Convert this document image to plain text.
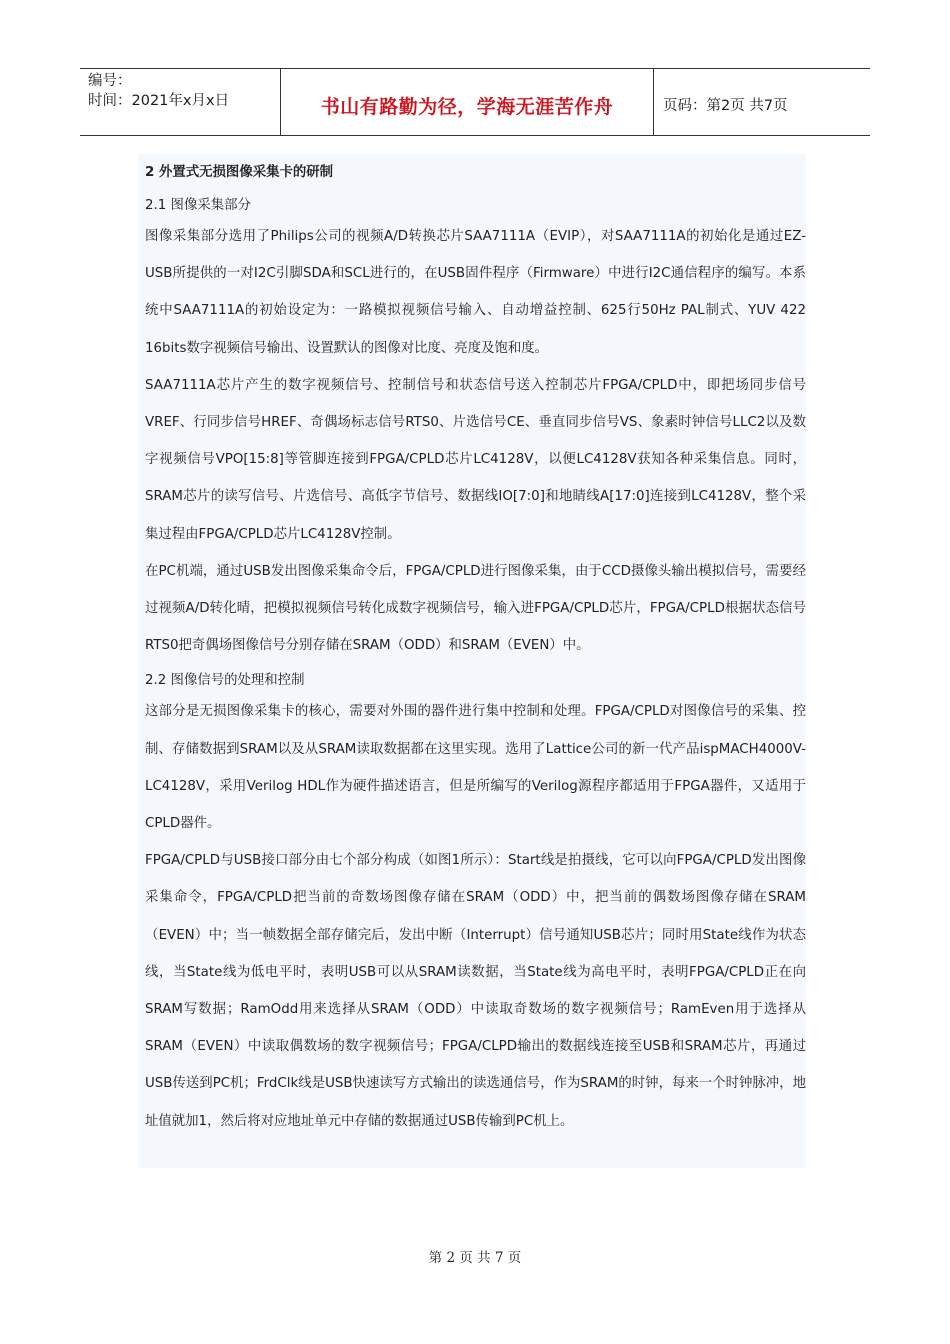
编号：
时间：2021年x月x日	书山有路勤为径，学海无涯苦作舟	页码：第2页 共7页

2 外置式无损图像采集卡的研制

2.1 图像采集部分

图像采集部分选用了Philips公司的视频A/D转换芯片SAA7111A（EVIP），对SAA7111A的初始化是通过EZ-USB所提供的一对I2C引脚SDA和SCL进行的，在USB固件程序（Firmware）中进行I2C通信程序的编写。本系统中SAA7111A的初始设定为：一路模拟视频信号输入、自动增益控制、625行50Hz PAL制式、YUV 422 16bits数字视频信号输出、设置默认的图像对比度、亮度及饱和度。

SAA7111A芯片产生的数字视频信号、控制信号和状态信号送入控制芯片FPGA/CPLD中，即把场同步信号VREF、行同步信号HREF、奇偶场标志信号RTS0、片选信号CE、垂直同步信号VS、象素时钟信号LLC2以及数字视频信号VPO[15:8]等管脚连接到FPGA/CPLD芯片LC4128V，以便LC4128V获知各种采集信息。同时，SRAM芯片的读写信号、片选信号、高低字节信号、数据线IO[7:0]和地睛线A[17:0]连接到LC4128V，整个采集过程由FPGA/CPLD芯片LC4128V控制。

在PC机端，通过USB发出图像采集命令后，FPGA/CPLD进行图像采集，由于CCD摄像头输出模拟信号，需要经过视频A/D转化晴，把模拟视频信号转化成数字视频信号，输入进FPGA/CPLD芯片，FPGA/CPLD根据状态信号RTS0把奇偶场图像信号分别存储在SRAM（ODD）和SRAM（EVEN）中。

2.2 图像信号的处理和控制

这部分是无损图像采集卡的核心，需要对外围的器件进行集中控制和处理。FPGA/CPLD对图像信号的采集、控制、存储数据到SRAM以及从SRAM读取数据都在这里实现。选用了Lattice公司的新一代产品ispMACH4000V-LC4128V，采用Verilog HDL作为硬件描述语言，但是所编写的Verilog源程序都适用于FPGA器件，又适用于CPLD器件。

FPGA/CPLD与USB接口部分由七个部分构成（如图1所示）：Start线是拍摄线，它可以向FPGA/CPLD发出图像采集命令，FPGA/CPLD把当前的奇数场图像存储在SRAM（ODD）中，把当前的偶数场图像存储在SRAM（EVEN）中；当一帧数据全部存储完后，发出中断（Interrupt）信号通知USB芯片；同时用State线作为状态线，当State线为低电平时，表明USB可以从SRAM读数据，当State线为高电平时，表明FPGA/CPLD正在向SRAM写数据；RamOdd用来选择从SRAM（ODD）中读取奇数场的数字视频信号；RamEven用于选择从SRAM（EVEN）中读取偶数场的数字视频信号；FPGA/CLPD输出的数据线连接至USB和SRAM芯片，再通过USB传送到PC机；FrdClk线是USB快速读写方式输出的读选通信号，作为SRAM的时钟，每来一个时钟脉冲，地址值就加1，然后将对应地址单元中存储的数据通过USB传输到PC机上。

第 2 页 共 7 页
